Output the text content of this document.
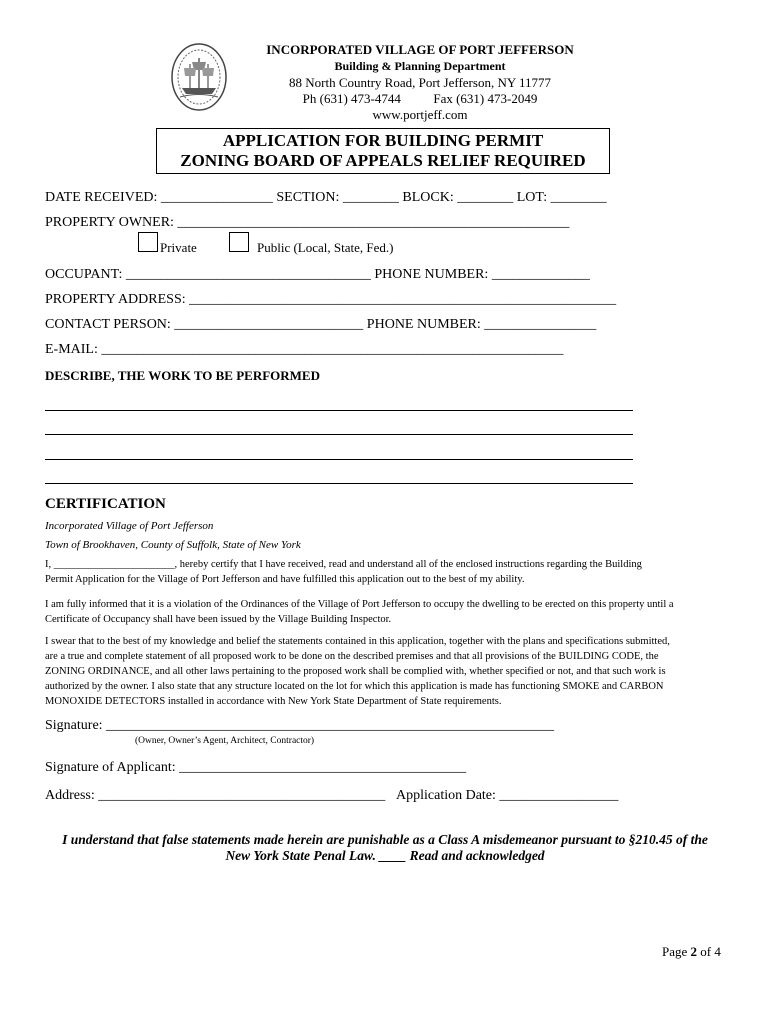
INCORPORATED VILLAGE OF PORT JEFFERSON
Building & Planning Department
88 North Country Road, Port Jefferson, NY 11777
Ph (631) 473-4744          Fax (631) 473-2049
www.portjeff.com
APPLICATION FOR BUILDING PERMIT
ZONING BOARD OF APPEALS RELIEF REQUIRED
DATE RECEIVED: ________________ SECTION: ________ BLOCK: ________ LOT: ________
PROPERTY OWNER: ________________________________________________________
Private	Public (Local, State, Fed.)
OCCUPANT: ___________________________________ PHONE NUMBER: ______________
PROPERTY ADDRESS: _____________________________________________________________
CONTACT PERSON: ___________________________ PHONE NUMBER: ________________
E-MAIL: __________________________________________________________________
DESCRIBE, THE WORK TO BE PERFORMED
CERTIFICATION
Incorporated Village of Port Jefferson
Town of Brookhaven, County of Suffolk, State of New York
I, _______________________, hereby certify that I have received, read and understand all of the enclosed instructions regarding the Building
Permit Application for the Village of Port Jefferson and have fulfilled this application out to the best of my ability.
I am fully informed that it is a violation of the Ordinances of the Village of Port Jefferson to occupy the dwelling to be erected on this property until a
Certificate of Occupancy shall have been issued by the Village Building Inspector.
I swear that to the best of my knowledge and belief the statements contained in this application, together with the plans and specifications submitted,
are a true and complete statement of all proposed work to be done on the described premises and that all provisions of the BUILDING CODE, the
ZONING ORDINANCE, and all other laws pertaining to the proposed work shall be complied with, whether specified or not, and that such work is
authorized by the owner. I also state that any structure located on the lot for which this application is made has functioning SMOKE and CARBON
MONOXIDE DETECTORS installed in accordance with New York State Department of State requirements.
Signature: ________________________________________________________________
(Owner, Owner’s Agent, Architect, Contractor)
Signature of Applicant: _________________________________________
Address: _________________________________________ Application Date: _________________
I understand that false statements made herein are punishable as a Class A misdemeanor pursuant to §210.45 of the
New York State Penal Law. ____ Read and acknowledged
Page 2 of 4
